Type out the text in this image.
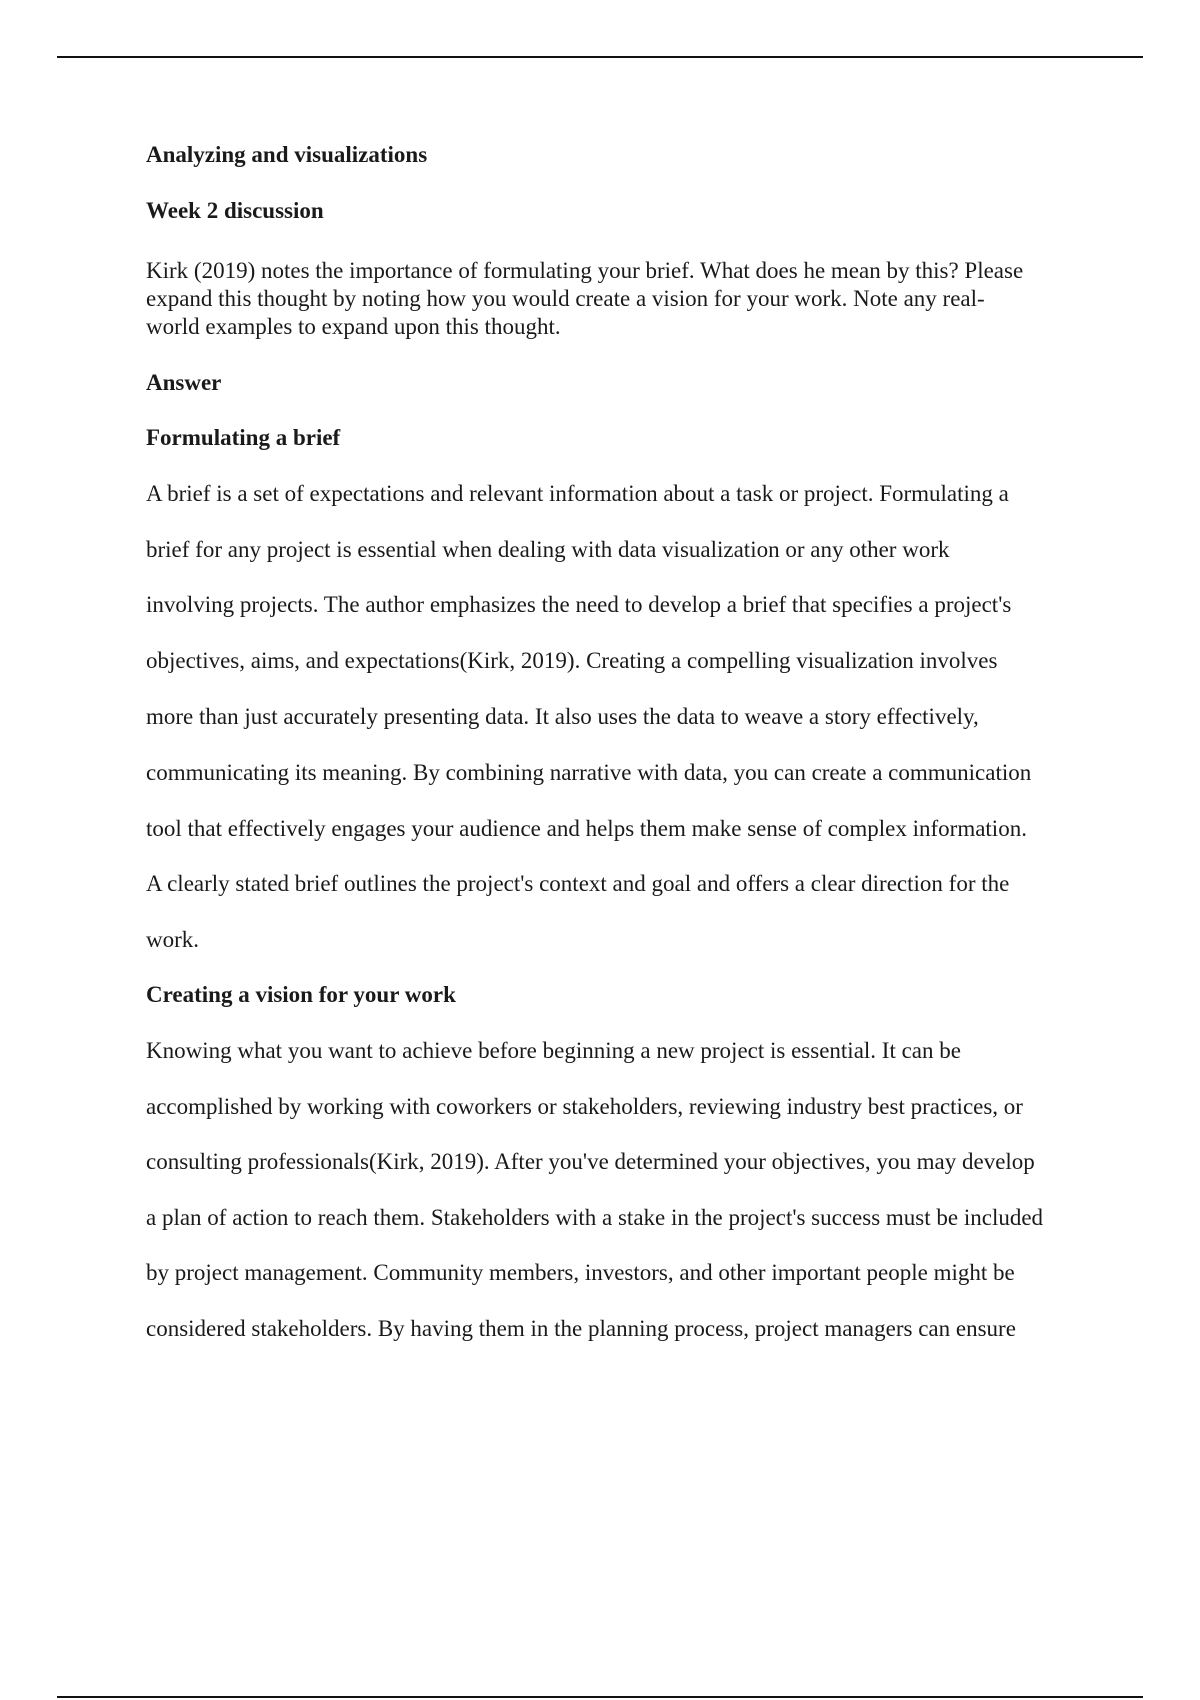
Analyzing and visualizations
Week 2 discussion
Kirk (2019) notes the importance of formulating your brief. What does he mean by this? Please
expand this thought by noting how you would create a vision for your work. Note any real-
world examples to expand upon this thought.
Answer
Formulating a brief

A brief is a set of expectations and relevant information about a task or project. Formulating a

brief for any project is essential when dealing with data visualization or any other work

involving projects. The author emphasizes the need to develop a brief that specifies a project's

objectives, aims, and expectations(Kirk, 2019). Creating a compelling visualization involves

more than just accurately presenting data. It also uses the data to weave a story effectively,

communicating its meaning. By combining narrative with data, you can create a communication

tool that effectively engages your audience and helps them make sense of complex information.

A clearly stated brief outlines the project's context and goal and offers a clear direction for the

work.

Creating a vision for your work

Knowing what you want to achieve before beginning a new project is essential. It can be

accomplished by working with coworkers or stakeholders, reviewing industry best practices, or

consulting professionals(Kirk, 2019). After you've determined your objectives, you may develop

a plan of action to reach them. Stakeholders with a stake in the project's success must be included

by project management. Community members, investors, and other important people might be

considered stakeholders. By having them in the planning process, project managers can ensure
